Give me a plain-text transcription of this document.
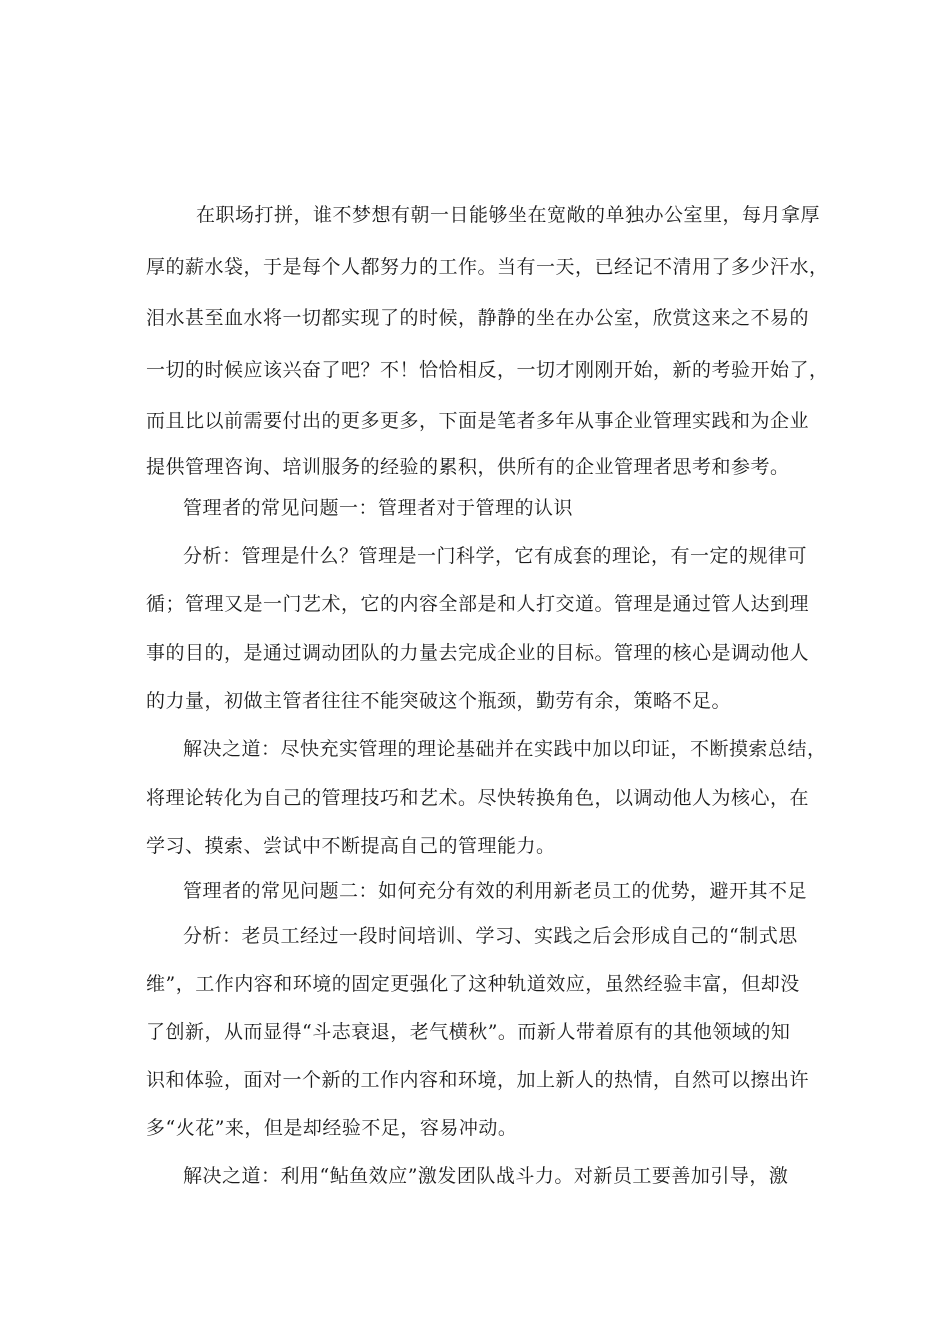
在职场打拼，谁不梦想有朝一日能够坐在宽敞的单独办公室里，每月拿厚
厚的薪水袋，于是每个人都努力的工作。当有一天，已经记不清用了多少汗水，
泪水甚至血水将一切都实现了的时候，静静的坐在办公室，欣赏这来之不易的
一切的时候应该兴奋了吧？不！恰恰相反，一切才刚刚开始，新的考验开始了，
而且比以前需要付出的更多更多，下面是笔者多年从事企业管理实践和为企业
提供管理咨询、培训服务的经验的累积，供所有的企业管理者思考和参考。
管理者的常见问题一：管理者对于管理的认识
分析：管理是什么？管理是一门科学，它有成套的理论，有一定的规律可
循；管理又是一门艺术，它的内容全部是和人打交道。管理是通过管人达到理
事的目的，是通过调动团队的力量去完成企业的目标。管理的核心是调动他人
的力量，初做主管者往往不能突破这个瓶颈，勤劳有余，策略不足。
解决之道：尽快充实管理的理论基础并在实践中加以印证，不断摸索总结，
将理论转化为自己的管理技巧和艺术。尽快转换角色，以调动他人为核心，在
学习、摸索、尝试中不断提高自己的管理能力。
管理者的常见问题二：如何充分有效的利用新老员工的优势，避开其不足
分析：老员工经过一段时间培训、学习、实践之后会形成自己的“制式思
维”，工作内容和环境的固定更强化了这种轨道效应，虽然经验丰富，但却没
了创新，从而显得“斗志衰退，老气横秋”。而新人带着原有的其他领域的知
识和体验，面对一个新的工作内容和环境，加上新人的热情，自然可以擦出许
多“火花”来，但是却经验不足，容易冲动。
解决之道：利用“鲇鱼效应”激发团队战斗力。对新员工要善加引导，激
